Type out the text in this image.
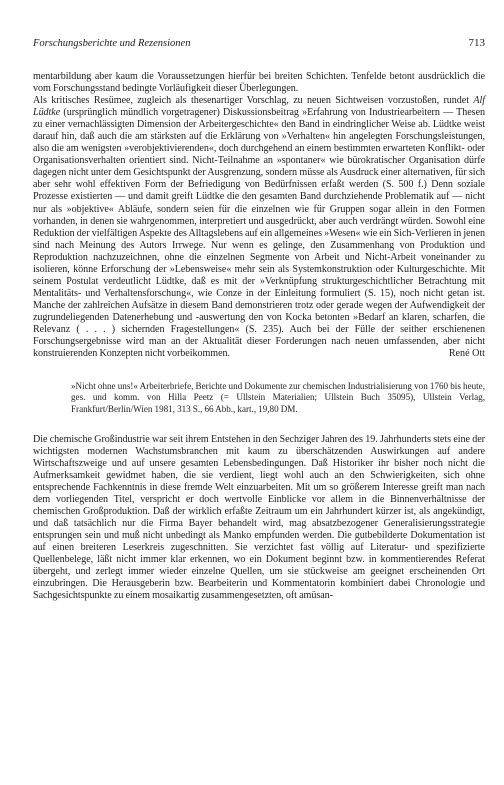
Forschungsberichte und Rezensionen	713

mentarbildung aber kaum die Voraussetzungen hierfür bei breiten Schichten. Tenfelde betont ausdrücklich die vom Forschungsstand bedingte Vorläufigkeit dieser Überlegungen.

Als kritisches Resümee, zugleich als thesenartiger Vorschlag, zu neuen Sichtweisen vorzustoßen, rundet Alf Lüdtke (ursprünglich mündlich vorgetragener) Diskussionsbeitrag »Erfahrung von Industriearbeitern — Thesen zu einer vernachlässigten Dimension der Arbeitergeschichte« den Band in eindringlicher Weise ab. Lüdtke weist darauf hin, daß auch die am stärksten auf die Erklärung von »Verhalten« hin angelegten Forschungsleistungen, also die am wenigsten »verobjektivierenden«, doch durchgehend an einem bestimmten erwarteten Konflikt- oder Organisationsverhalten orientiert sind. Nicht-Teilnahme an »spontaner« wie bürokratischer Organisation dürfe dagegen nicht unter dem Gesichtspunkt der Ausgrenzung, sondern müsse als Ausdruck einer alternativen, für sich aber sehr wohl effektiven Form der Befriedigung von Bedürfnissen erfaßt werden (S. 500 f.) Denn soziale Prozesse existierten — und damit greift Lüdtke die den gesamten Band durchziehende Problematik auf — nicht nur als »objektive« Abläufe, sondern seien für die einzelnen wie für Gruppen sogar allein in den Formen vorhanden, in denen sie wahrgenommen, interpretiert und ausgedrückt, aber auch verdrängt würden. Sowohl eine Reduktion der vielfältigen Aspekte des Alltagslebens auf ein allgemeines »Wesen« wie ein Sich-Verlieren in jenen sind nach Meinung des Autors Irrwege. Nur wenn es gelinge, den Zusammenhang von Produktion und Reproduktion nachzuzeichnen, ohne die einzelnen Segmente von Arbeit und Nicht-Arbeit voneinander zu isolieren, könne Erforschung der »Lebensweise« mehr sein als Systemkonstruktion oder Kulturgeschichte. Mit seinem Postulat verdeutlicht Lüdtke, daß es mit der »Verknüpfung strukturgeschichtlicher Betrachtung mit Mentalitäts- und Verhaltensforschung«, wie Conze in der Einleitung formuliert (S. 15), noch nicht getan ist. Manche der zahlreichen Aufsätze in diesem Band demonstrieren trotz oder gerade wegen der Aufwendigkeit der zugrundeliegenden Datenerhebung und -auswertung den von Kocka betonten »Bedarf an klaren, scharfen, die Relevanz ( . . . ) sichernden Fragestellungen« (S. 235). Auch bei der Fülle der seither erschienenen Forschungsergebnisse wird man an der Aktualität dieser Forderungen nach neuen umfassenden, aber nicht konstruierenden Konzepten nicht vorbeikommen.	René Ott
»Nicht ohne uns!« Arbeiterbriefe, Berichte und Dokumente zur chemischen Industrialisierung von 1760 bis heute, ges. und komm. von Hilla Peetz (= Ullstein Materialien; Ullstein Buch 35095), Ullstein Verlag, Frankfurt/Berlin/Wien 1981, 313 S., 66 Abb., kart., 19,80 DM.

Die chemische Großindustrie war seit ihrem Entstehen in den Sechziger Jahren des 19. Jahrhunderts stets eine der wichtigsten modernen Wachstumsbranchen mit kaum zu überschätzenden Auswirkungen auf andere Wirtschaftszweige und auf unsere gesamten Lebensbedingungen. Daß Historiker ihr bisher noch nicht die Aufmerksamkeit gewidmet haben, die sie verdient, liegt wohl auch an den Schwierigkeiten, sich ohne entsprechende Fachkenntnis in diese fremde Welt einzuarbeiten. Mit um so größerem Interesse greift man nach dem vorliegenden Titel, verspricht er doch wertvolle Einblicke vor allem in die Binnenverhältnisse der chemischen Großproduktion. Daß der wirklich erfaßte Zeitraum um ein Jahrhundert kürzer ist, als angekündigt, und daß tatsächlich nur die Firma Bayer behandelt wird, mag absatzbezogener Generalisierungsstrategie entsprungen sein und muß nicht unbedingt als Manko empfunden werden. Die gutbebilderte Dokumentation ist auf einen breiteren Leserkreis zugeschnitten. Sie verzichtet fast völlig auf Literatur- und spezifizierte Quellenbelege, läßt nicht immer klar erkennen, wo ein Dokument beginnt bzw. in kommentierendes Referat übergeht, und zerlegt immer wieder einzelne Quellen, um sie stückweise am geeignet erscheinenden Ort einzubringen. Die Herausgeberin bzw. Bearbeiterin und Kommentatorin kombiniert dabei Chronologie und Sachgesichtspunkte zu einem mosaikartig zusammengesetzten, oft amüsan-
